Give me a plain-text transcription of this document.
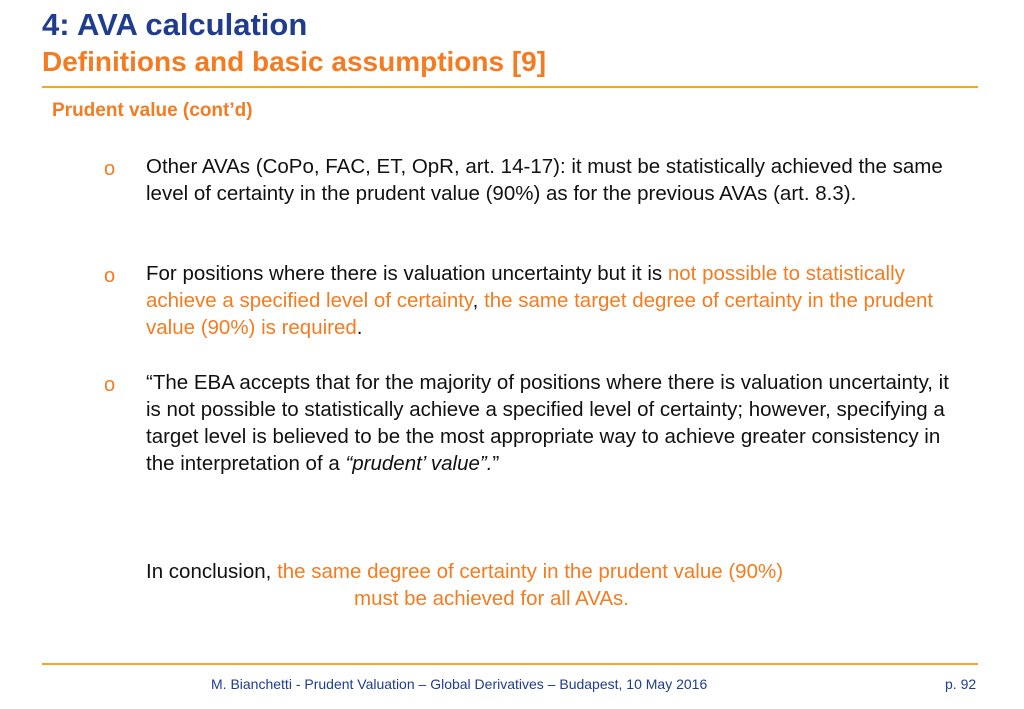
4: AVA calculation
Definitions and basic assumptions [9]
Prudent value (cont’d)
o Other AVAs (CoPo, FAC, ET, OpR, art. 14-17): it must be statistically achieved the same level of certainty in the prudent value (90%) as for the previous AVAs (art. 8.3).
o For positions where there is valuation uncertainty but it is not possible to statistically achieve a specified level of certainty, the same target degree of certainty in the prudent value (90%) is required.
o “The EBA accepts that for the majority of positions where there is valuation uncertainty, it is not possible to statistically achieve a specified level of certainty; however, specifying a target level is believed to be the most appropriate way to achieve greater consistency in the interpretation of a “prudent’ value”.”
In conclusion, the same degree of certainty in the prudent value (90%)
must be achieved for all AVAs.
M. Bianchetti - Prudent Valuation – Global Derivatives – Budapest, 10 May 2016	p. 92
